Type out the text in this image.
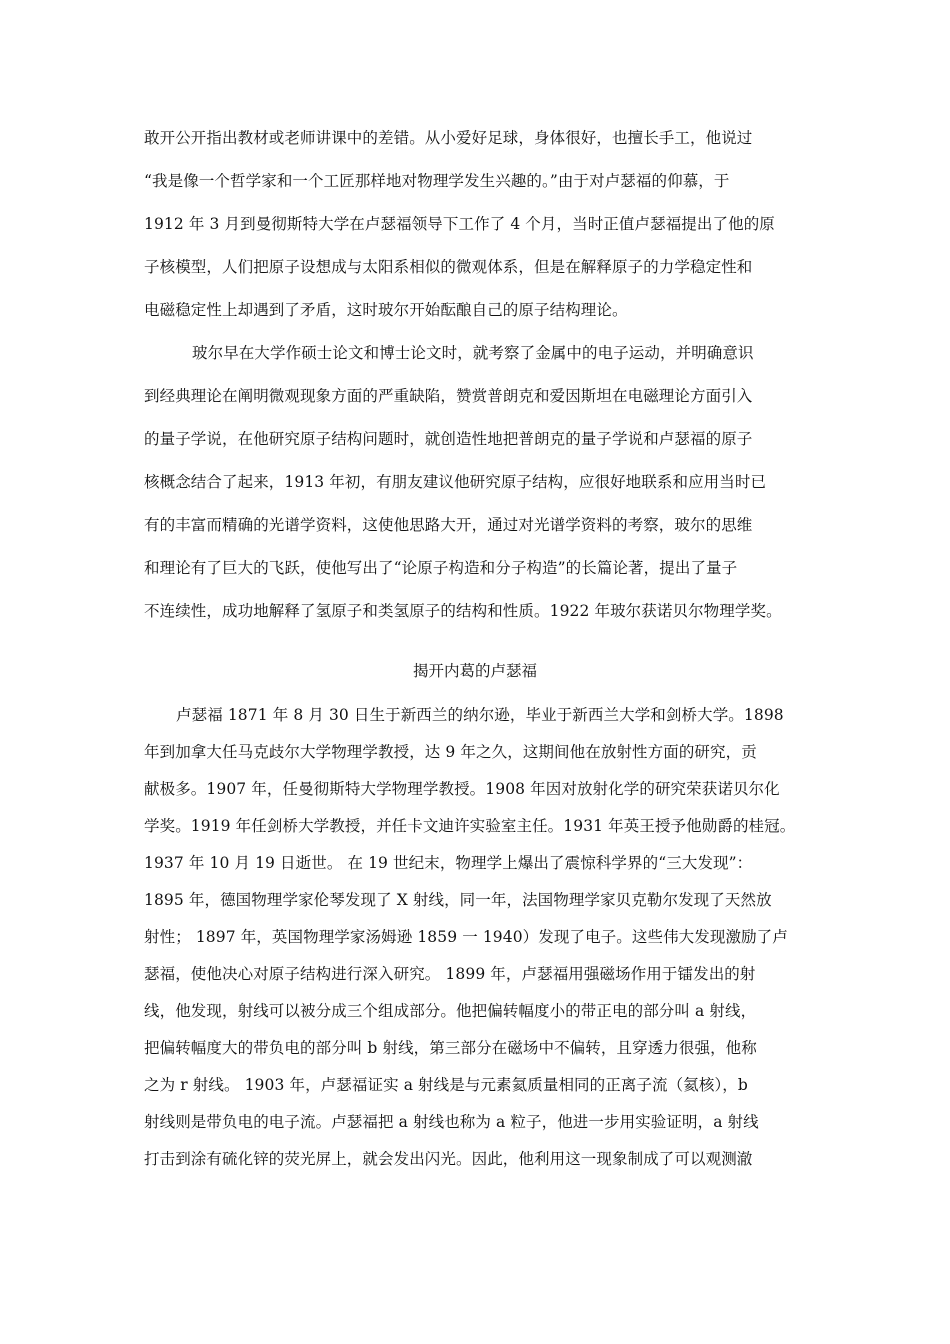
敢开公开指出教材或老师讲课中的差错。从小爱好足球，身体很好，也擅长手工，他说过
“我是像一个哲学家和一个工匠那样地对物理学发生兴趣的。”由于对卢瑟福的仰慕，于
1912 年 3 月到曼彻斯特大学在卢瑟福领导下工作了 4 个月，当时正值卢瑟福提出了他的原
子核模型，人们把原子设想成与太阳系相似的微观体系，但是在解释原子的力学稳定性和
电磁稳定性上却遇到了矛盾，这时玻尔开始酝酿自己的原子结构理论。
玻尔早在大学作硕士论文和博士论文时，就考察了金属中的电子运动，并明确意识
到经典理论在阐明微观现象方面的严重缺陷，赞赏普朗克和爱因斯坦在电磁理论方面引入
的量子学说，在他研究原子结构问题时，就创造性地把普朗克的量子学说和卢瑟福的原子
核概念结合了起来，1913 年初，有朋友建议他研究原子结构，应很好地联系和应用当时已
有的丰富而精确的光谱学资料，这使他思路大开，通过对光谱学资料的考察，玻尔的思维
和理论有了巨大的飞跃，使他写出了“论原子构造和分子构造”的长篇论著，提出了量子
不连续性，成功地解释了氢原子和类氢原子的结构和性质。1922 年玻尔获诺贝尔物理学奖。
揭开内葛的卢瑟福
卢瑟福 1871 年 8 月 30 日生于新西兰的纳尔逊，毕业于新西兰大学和剑桥大学。1898
年到加拿大任马克歧尔大学物理学教授，达 9 年之久，这期间他在放射性方面的研究，贡
献极多。1907 年，任曼彻斯特大学物理学教授。1908 年因对放射化学的研究荣获诺贝尔化
学奖。1919 年任剑桥大学教授，并任卡文迪许实验室主任。1931 年英王授予他勋爵的桂冠。
1937 年 10 月 19 日逝世。 在 19 世纪末，物理学上爆出了震惊科学界的“三大发现”：
1895 年，德国物理学家伦琴发现了 X 射线，同一年，法国物理学家贝克勒尔发现了天然放
射性； 1897 年，英国物理学家汤姆逊 1859 一 1940）发现了电子。这些伟大发现激励了卢
瑟福，使他决心对原子结构进行深入研究。 1899 年，卢瑟福用强磁场作用于镭发出的射
线，他发现，射线可以被分成三个组成部分。他把偏转幅度小的带正电的部分叫 a 射线，
把偏转幅度大的带负电的部分叫 b 射线，第三部分在磁场中不偏转，且穿透力很强，他称
之为 r 射线。 1903 年，卢瑟福证实 a 射线是与元素氦质量相同的正离子流（氦核），b
射线则是带负电的电子流。卢瑟福把 a 射线也称为 a 粒子，他进一步用实验证明，a 射线
打击到涂有硫化锌的荧光屏上，就会发出闪光。因此，他利用这一现象制成了可以观测澈
